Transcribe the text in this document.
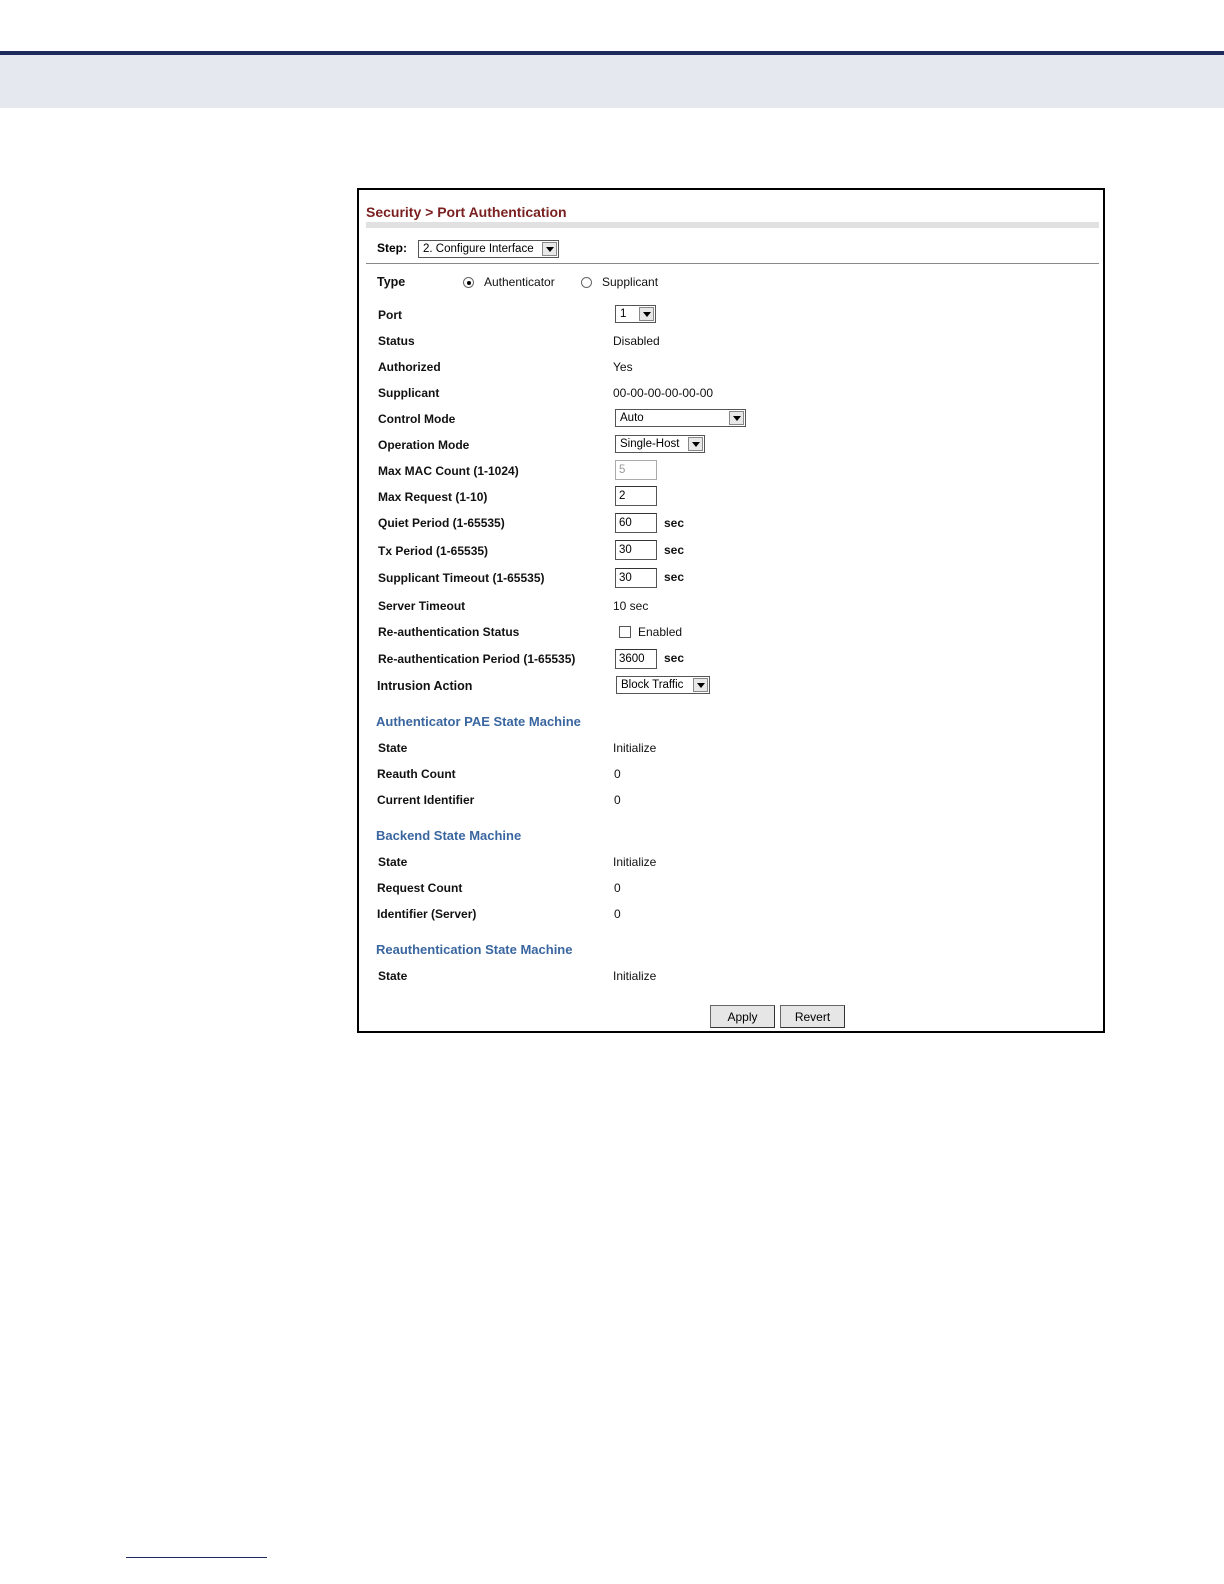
Security > Port Authentication
Step:	2. Configure Interface
Type	Authenticator	Supplicant
Port	1
Status	Disabled
Authorized	Yes
Supplicant	00-00-00-00-00-00
Control Mode	Auto
Operation Mode	Single-Host
Max MAC Count (1-1024)	5
Max Request (1-10)	2
Quiet Period (1-65535)	60	sec
Tx Period (1-65535)	30	sec
Supplicant Timeout (1-65535)	30	sec
Server Timeout	10 sec
Re-authentication Status	Enabled
Re-authentication Period (1-65535)	3600	sec
Intrusion Action	Block Traffic
Authenticator PAE State Machine
State	Initialize
Reauth Count	0
Current Identifier	0
Backend State Machine
State	Initialize
Request Count	0
Identifier (Server)	0
Reauthentication State Machine
State	Initialize
Apply	Revert
